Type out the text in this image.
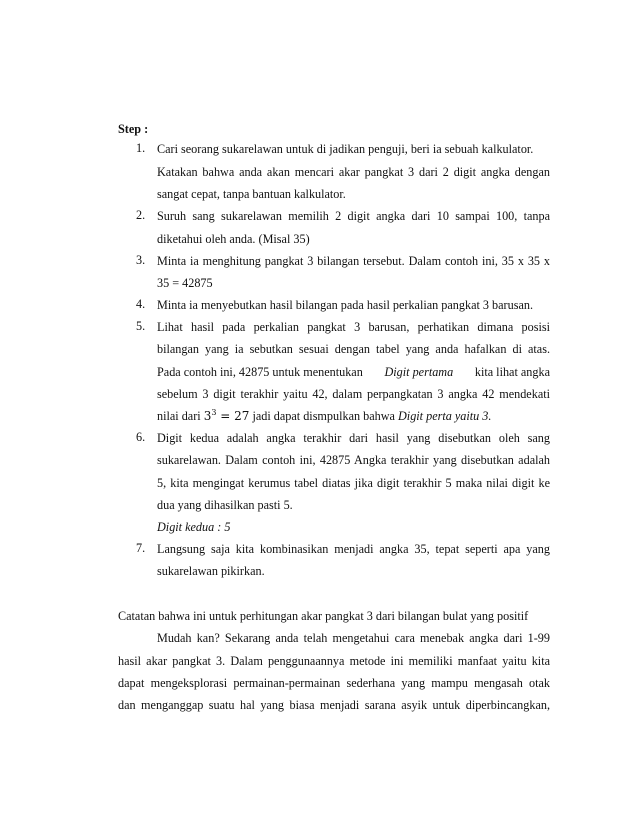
Step :
1. Cari seorang sukarelawan untuk di jadikan penguji, beri ia sebuah kalkulator.
Katakan bahwa anda akan mencari akar pangkat 3 dari 2 digit angka dengan
sangat cepat, tanpa bantuan kalkulator.
2. Suruh sang sukarelawan memilih 2 digit angka dari 10 sampai 100, tanpa
diketahui oleh anda. (Misal 35)
3. Minta ia menghitung pangkat 3 bilangan tersebut. Dalam contoh ini, 35 x 35 x
35 = 42875
4. Minta ia menyebutkan hasil bilangan pada hasil perkalian pangkat 3 barusan.
5. Lihat hasil pada perkalian pangkat 3 barusan, perhatikan dimana posisi
bilangan yang ia sebutkan sesuai dengan tabel yang anda hafalkan di atas.
Pada contoh ini, 42875 untuk menentukan Digit pertama kita lihat angka
sebelum 3 digit terakhir yaitu 42, dalam perpangkatan 3 angka 42 mendekati
nilai dari $3^3 = 27$ jadi dapat dismpulkan bahwa Digit perta yaitu 3.
6. Digit kedua adalah angka terakhir dari hasil yang disebutkan oleh sang
sukarelawan. Dalam contoh ini, 42875 Angka terakhir yang disebutkan adalah
5, kita mengingat kerumus tabel diatas jika digit terakhir 5 maka nilai digit ke
dua yang dihasilkan pasti 5.
Digit kedua : 5
7. Langsung saja kita kombinasikan menjadi angka 35, tepat seperti apa yang
sukarelawan pikirkan.
Catatan bahwa ini untuk perhitungan akar pangkat 3 dari bilangan bulat yang positif
Mudah kan? Sekarang anda telah mengetahui cara menebak angka dari 1-99
hasil akar pangkat 3. Dalam penggunaannya metode ini memiliki manfaat yaitu kita
dapat mengeksplorasi permainan-permainan sederhana yang mampu mengasah otak
dan menganggap suatu hal yang biasa menjadi sarana asyik untuk diperbincangkan,
